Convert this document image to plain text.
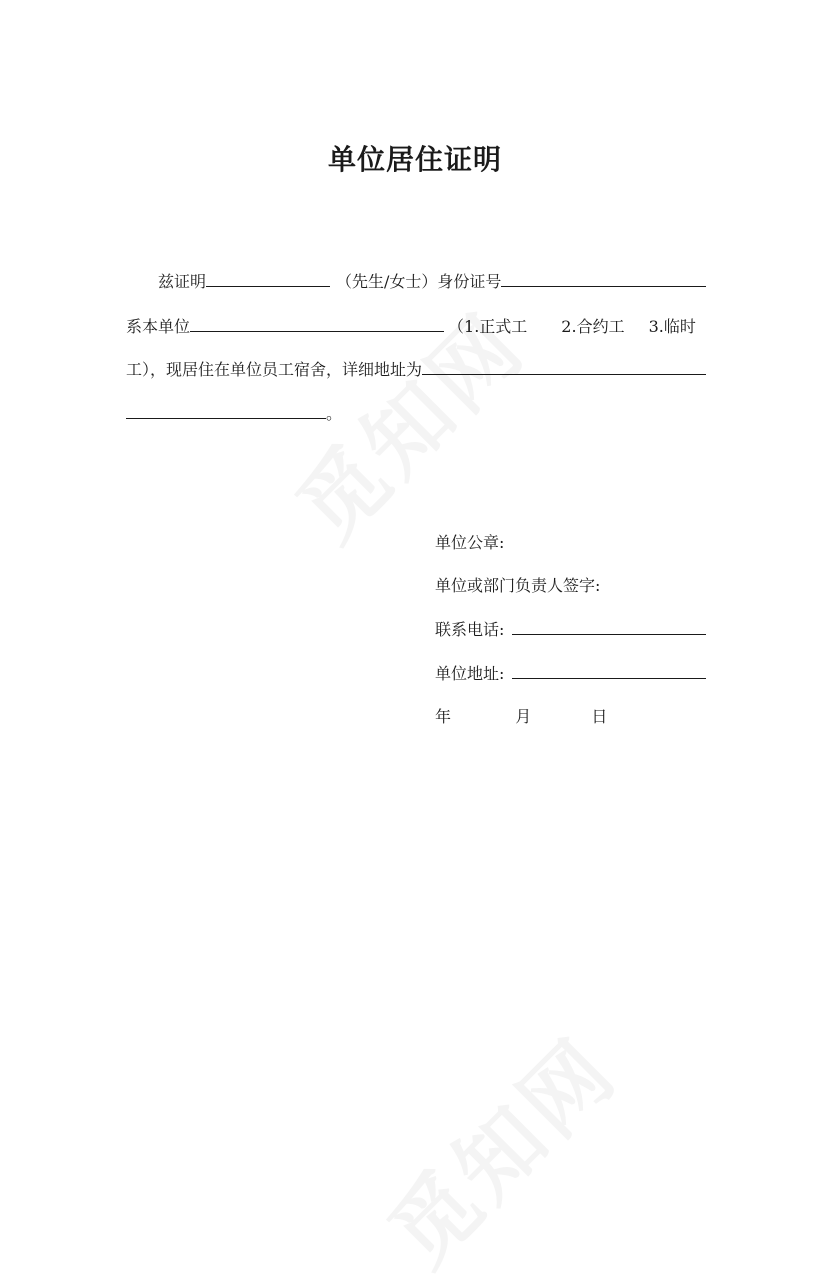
单位居住证明
兹证明	（先生/女士）身份证号
系本单位	（1.正式工 2.合约工 3.临时
工），现居住在单位员工宿舍，详细地址为
。
单位公章:
单位或部门负责人签字:
联系电话:
单位地址:
年	月	日
